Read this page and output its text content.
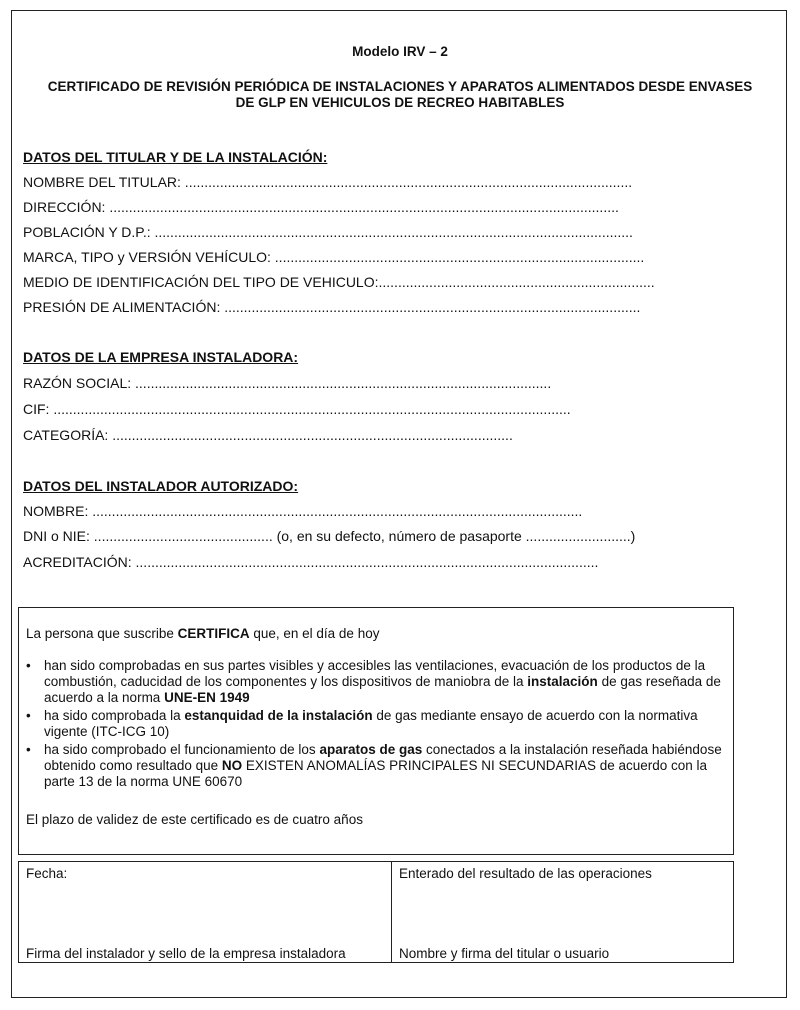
Modelo IRV – 2
CERTIFICADO DE REVISIÓN PERIÓDICA DE INSTALACIONES Y APARATOS ALIMENTADOS DESDE ENVASES DE GLP EN VEHICULOS DE RECREO HABITABLES
DATOS DEL TITULAR Y DE LA INSTALACIÓN:
NOMBRE DEL TITULAR: ...................................................................................................................
DIRECCIÓN: ...................................................................................................................................
POBLACIÓN Y D.P.: ...........................................................................................................................
MARCA, TIPO y VERSIÓN VEHÍCULO: ...............................................................................................
MEDIO DE IDENTIFICACIÓN DEL TIPO DE VEHICULO:.......................................................................
PRESIÓN DE ALIMENTACIÓN: ...........................................................................................................
DATOS DE LA EMPRESA INSTALADORA:
RAZÓN SOCIAL: ...........................................................................................................
CIF: .....................................................................................................................................
CATEGORÍA: .......................................................................................................
DATOS DEL INSTALADOR AUTORIZADO:
NOMBRE: ..............................................................................................................................
DNI o NIE: .............................................. (o, en su defecto, número de pasaporte ...........................)
ACREDITACIÓN: .......................................................................................................................

La persona que suscribe CERTIFICA que, en el día de hoy

• han sido comprobadas en sus partes visibles y accesibles las ventilaciones, evacuación de los productos de la combustión, caducidad de los componentes y los dispositivos de maniobra de la instalación de gas reseñada de acuerdo a la norma UNE-EN 1949
• ha sido comprobada la estanquidad de la instalación de gas mediante ensayo de acuerdo con la normativa vigente (ITC-ICG 10)
• ha sido comprobado el funcionamiento de los aparatos de gas conectados a la instalación reseñada habiéndose obtenido como resultado que NO EXISTEN ANOMALÍAS PRINCIPALES NI SECUNDARIAS de acuerdo con la parte 13 de la norma UNE 60670

El plazo de validez de este certificado es de cuatro años

Fecha:	Enterado del resultado de las operaciones
Firma del instalador y sello de la empresa instaladora	Nombre y firma del titular o usuario
